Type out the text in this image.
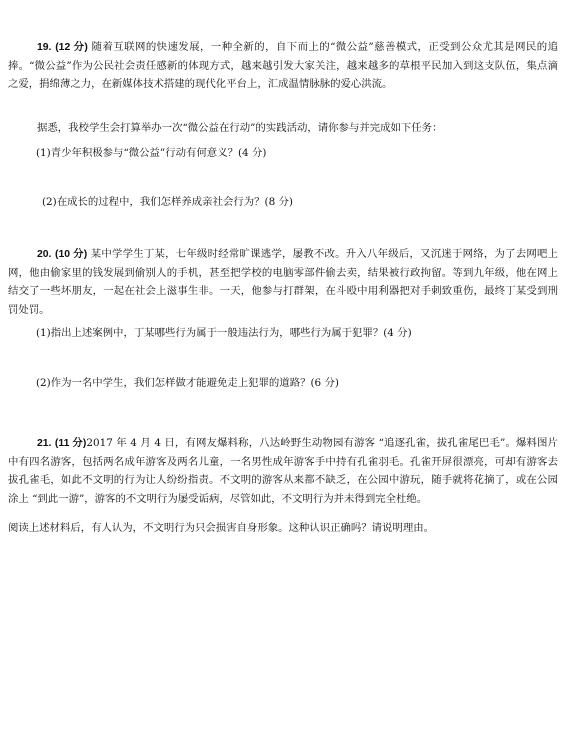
19. (12 分) 随着互联网的快速发展，一种全新的，自下而上的“微公益”慈善模式，正受到公众尤其是网民的追捧。“微公益”作为公民社会责任感新的体现方式，越来越引发大家关注，越来越多的草根平民加入到这支队伍，集点滴之爱，捐绵薄之力，在新媒体技术搭建的现代化平台上，汇成温情脉脉的爱心洪流。

据悉，我校学生会打算举办一次“微公益在行动”的实践活动，请你参与并完成如下任务：

(1)青少年积极参与“微公益”行动有何意义？(4 分)

(2)在成长的过程中，我们怎样养成亲社会行为？(8 分)

20. (10 分) 某中学学生丁某，七年级时经常旷课逃学，屡教不改。升入八年级后，又沉迷于网络，为了去网吧上网，他由偷家里的钱发展到偷别人的手机，甚至把学校的电脑零部件偷去卖，结果被行政拘留。等到九年级，他在网上结交了一些坏朋友，一起在社会上滋事生非。一天，他参与打群架，在斗殴中用利器把对手刺致重伤，最终丁某受到刑罚处罚。

(1)指出上述案例中，丁某哪些行为属于一般违法行为，哪些行为属于犯罪？(4 分)

(2)作为一名中学生，我们怎样做才能避免走上犯罪的道路？(6 分)

21. (11 分)2017 年 4 月 4 日，有网友爆料称，八达岭野生动物园有游客 “追逐孔雀，拔孔雀尾巴毛”。爆料图片中有四名游客，包括两名成年游客及两名儿童，一名男性成年游客手中持有孔雀羽毛。孔雀开屏很漂亮，可却有游客去拔孔雀毛，如此不文明的行为让人纷纷指责。不文明的游客从来都不缺乏，在公园中游玩，随手就将花摘了，或在公园涂上 “到此一游”，游客的不文明行为屡受诟病，尽管如此，不文明行为并未得到完全杜绝。

阅读上述材料后，有人认为，不文明行为只会损害自身形象。这种认识正确吗？请说明理由。
